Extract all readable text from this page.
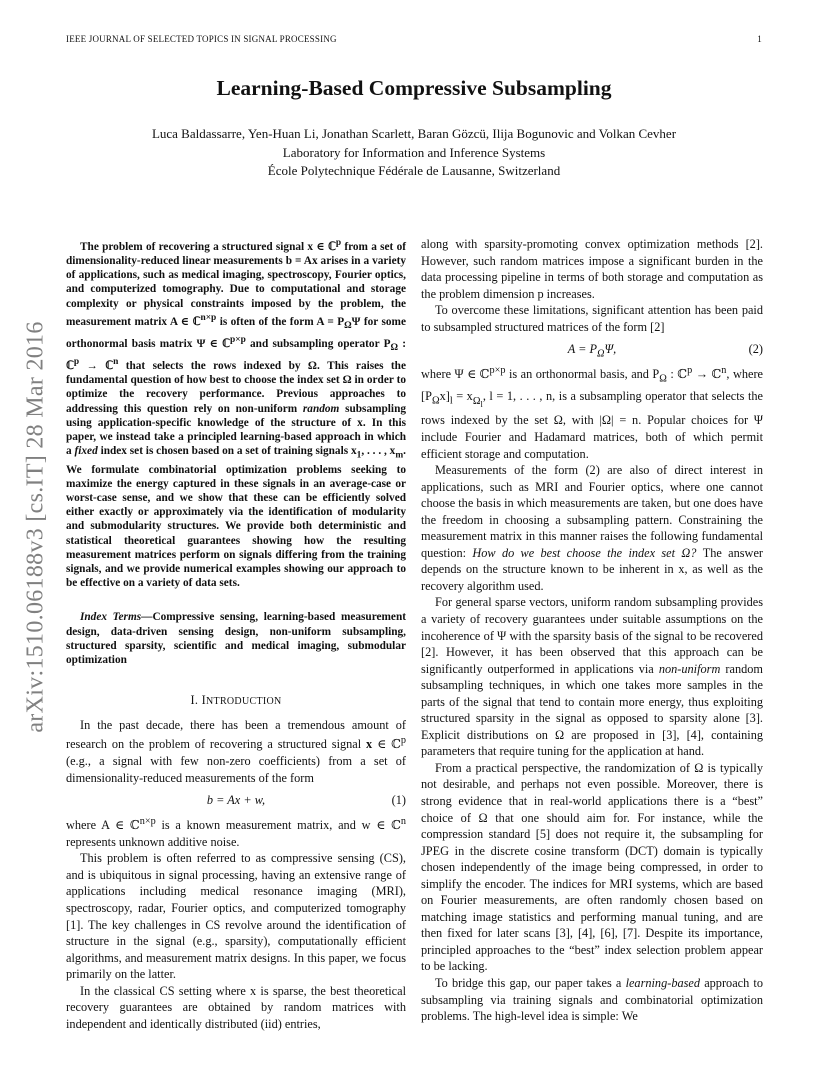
IEEE JOURNAL OF SELECTED TOPICS IN SIGNAL PROCESSING	1
Learning-Based Compressive Subsampling
Luca Baldassarre, Yen-Huan Li, Jonathan Scarlett, Baran Gözcü, Ilija Bogunovic and Volkan Cevher
Laboratory for Information and Inference Systems
École Polytechnique Fédérale de Lausanne, Switzerland
arXiv:1510.06188v3 [cs.IT] 28 Mar 2016

The problem of recovering a structured signal x ∈ ℂ$^p$ from a set of dimensionality-reduced linear measurements b = Ax arises in a variety of applications, such as medical imaging, spectroscopy, Fourier optics, and computerized tomography. Due to computational and storage complexity or physical constraints imposed by the problem, the measurement matrix A ∈ ℂ$^{n\times p}$ is often of the form $A = P_\Omega\Psi$ for some orthonormal basis matrix Ψ ∈ ℂ$^{p\times p}$ and subsampling operator $P_\Omega$ : ℂ$^p$ → ℂ$^n$ that selects the rows indexed by Ω. This raises the fundamental question of how best to choose the index set Ω in order to optimize the recovery performance. Previous approaches to addressing this question rely on non-uniform random subsampling using application-specific knowledge of the structure of x. In this paper, we instead take a principled learning-based approach in which a fixed index set is chosen based on a set of training signals $x_1$, . . . , $x_m$. We formulate combinatorial optimization problems seeking to maximize the energy captured in these signals in an average-case or worst-case sense, and we show that these can be efficiently solved either exactly or approximately via the identification of modularity and submodularity structures. We provide both deterministic and statistical theoretical guarantees showing how the resulting measurement matrices perform on signals differing from the training signals, and we provide numerical examples showing our approach to be effective on a variety of data sets.

Index Terms—Compressive sensing, learning-based measurement design, data-driven sensing design, non-uniform subsampling, structured sparsity, scientific and medical imaging, submodular optimization

I. INTRODUCTION

In the past decade, there has been a tremendous amount of research on the problem of recovering a structured signal x ∈ ℂ$^p$ (e.g., a signal with few non-zero coefficients) from a set of dimensionality-reduced measurements of the form

b = Ax + w,	(1)

where A ∈ ℂ$^{n\times p}$ is a known measurement matrix, and w ∈ ℂ$^n$ represents unknown additive noise.

This problem is often referred to as compressive sensing (CS), and is ubiquitous in signal processing, having an extensive range of applications including medical resonance imaging (MRI), spectroscopy, radar, Fourier optics, and computerized tomography [1]. The key challenges in CS revolve around the identification of structure in the signal (e.g., sparsity), computationally efficient algorithms, and measurement matrix designs. In this paper, we focus primarily on the latter.

In the classical CS setting where x is sparse, the best theoretical recovery guarantees are obtained by random matrices with independent and identically distributed (iid) entries,

along with sparsity-promoting convex optimization methods [2]. However, such random matrices impose a significant burden in the data processing pipeline in terms of both storage and computation as the problem dimension p increases.

To overcome these limitations, significant attention has been paid to subsampled structured matrices of the form [2]

$A = P_\Omega\Psi$,	(2)

where Ψ ∈ ℂ$^{p\times p}$ is an orthonormal basis, and $P_\Omega$ : ℂ$^p$ → ℂ$^n$, where $[P_\Omega x]_l = x_{\Omega_l}$, l = 1, . . . , n, is a subsampling operator that selects the rows indexed by the set Ω, with |Ω| = n. Popular choices for Ψ include Fourier and Hadamard matrices, both of which permit efficient storage and computation.

Measurements of the form (2) are also of direct interest in applications, such as MRI and Fourier optics, where one cannot choose the basis in which measurements are taken, but one does have the freedom in choosing a subsampling pattern. Constraining the measurement matrix in this manner raises the following fundamental question: How do we best choose the index set Ω? The answer depends on the structure known to be inherent in x, as well as the recovery algorithm used.

For general sparse vectors, uniform random subsampling provides a variety of recovery guarantees under suitable assumptions on the incoherence of Ψ with the sparsity basis of the signal to be recovered [2]. However, it has been observed that this approach can be significantly outperformed in applications via non-uniform random subsampling techniques, in which one takes more samples in the parts of the signal that tend to contain more energy, thus exploiting structured sparsity in the signal as opposed to sparsity alone [3]. Explicit distributions on Ω are proposed in [3], [4], containing parameters that require tuning for the application at hand.

From a practical perspective, the randomization of Ω is typically not desirable, and perhaps not even possible. Moreover, there is strong evidence that in real-world applications there is a “best” choice of Ω that one should aim for. For instance, while the compression standard [5] does not require it, the subsampling for JPEG in the discrete cosine transform (DCT) domain is typically chosen independently of the image being compressed, in order to simplify the encoder. The indices for MRI systems, which are based on Fourier measurements, are often randomly chosen based on matching image statistics and performing manual tuning, and are then fixed for later scans [3], [4], [6], [7]. Despite its importance, principled approaches to the “best” index selection problem appear to be lacking.

To bridge this gap, our paper takes a learning-based approach to subsampling via training signals and combinatorial optimization problems. The high-level idea is simple: We
